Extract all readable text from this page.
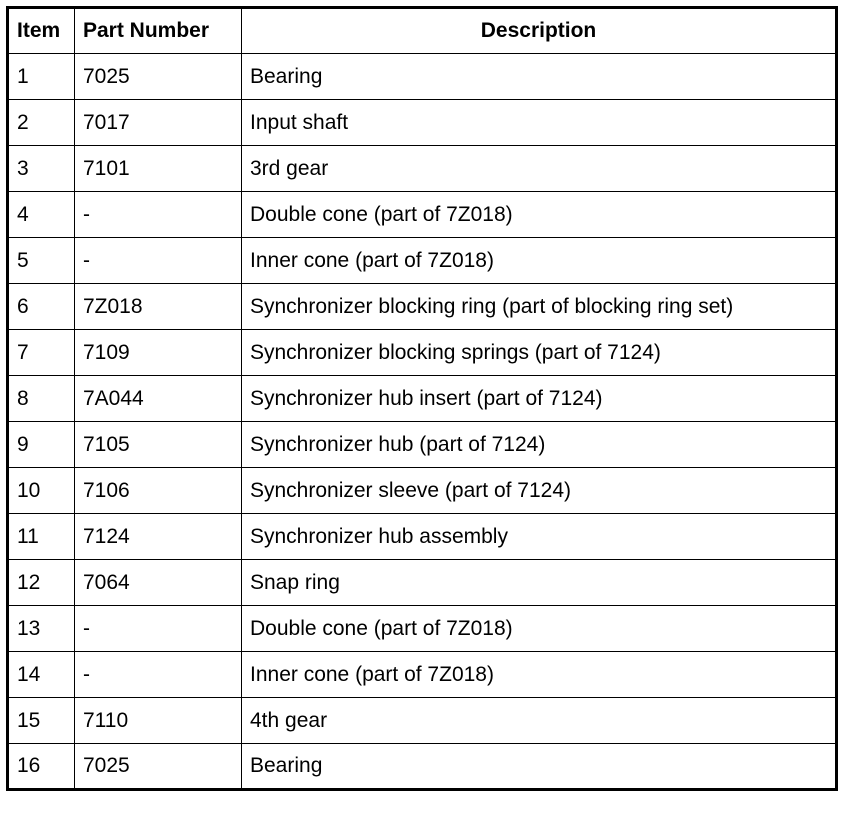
Item	Part Number	Description
1	7025	Bearing
2	7017	Input shaft
3	7101	3rd gear
4	-	Double cone (part of 7Z018)
5	-	Inner cone (part of 7Z018)
6	7Z018	Synchronizer blocking ring (part of blocking ring set)
7	7109	Synchronizer blocking springs (part of 7124)
8	7A044	Synchronizer hub insert (part of 7124)
9	7105	Synchronizer hub (part of 7124)
10	7106	Synchronizer sleeve (part of 7124)
11	7124	Synchronizer hub assembly
12	7064	Snap ring
13	-	Double cone (part of 7Z018)
14	-	Inner cone (part of 7Z018)
15	7110	4th gear
16	7025	Bearing
